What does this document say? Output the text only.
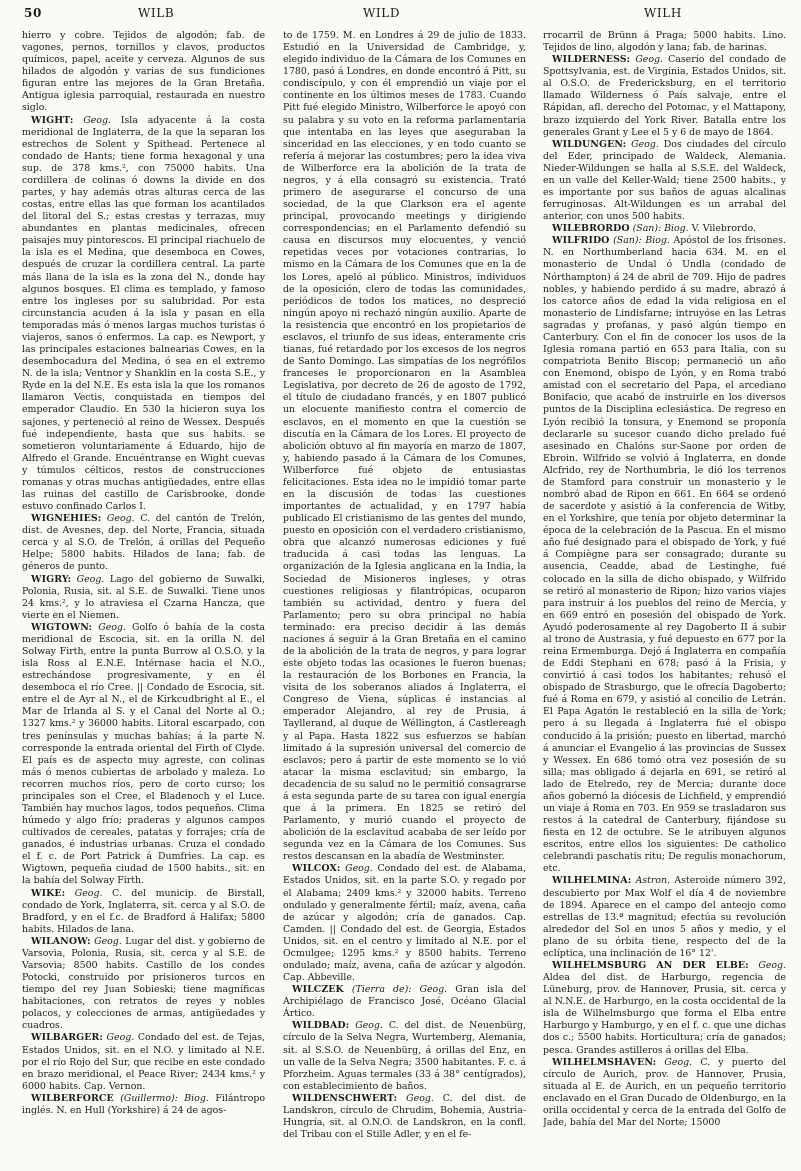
50	WILB	WILD	WILH

hierro y cobre. Tejidos de algodón; fab. de vagones, pernos, tornillos y clavos, productos químicos, papel, aceite y cerveza. Algunos de sus hilados de algodón y varias de sus fundiciones figuran entre las mejores de la Gran Bretaña. Antigua iglesia parroquial, restaurada en nuestro siglo.

WIGHT: Geog. Isla adyacente á la costa meridional de Inglaterra, de la que la separan los estrechos de Solent y Spithead. Pertenece al condado de Hants; tiene forma hexagonal y una sup. de 378 kms.², con 75000 habits. Una cordillera de colinas ó downs la divide en dos partes, y hay además otras alturas cerca de las costas, entre ellas las que forman los acantilados del litoral del S.; estas crestas y terrazas, muy abundantes en plantas medicinales, ofrecen paisajes muy pintorescos. El principal riachuelo de la isla es el Medina, que desemboca en Cowes, después de cruzar la cordillera central. La parte más llana de la isla es la zona del N., donde hay algunos bosques. El clima es templado, y famoso entre los ingleses por su salubridad. Por esta circunstancia acuden á la isla y pasan en ella temporadas más ó menos largas muchos turistas ó viajeros, sanos ó enfermos. La cap. es Newport, y las principales estaciones balnearias Cowes, en la desembocadura del Medina, ó sea en el extremo N. de la isla; Ventnor y Shanklin en la costa S.E., y Ryde en la del N.E. Es esta isla la que los romanos llamaron Vectis, conquistada en tiempos del emperador Claudio. En 530 la hicieron suya los sajones, y perteneció al reino de Wessex. Después fué independiente, hasta que sus habits. se sometieron voluntariamente á Eduardo, hijo de Alfredo el Grande. Encuéntranse en Wight cuevas y túmulos célticos, restos de construcciones romanas y otras muchas antigüedades, entre ellas las ruinas del castillo de Carisbrooke, donde estuvo confinado Carlos I.

WIGNEHIES: Geog. C. del cantón de Trelón, dist. de Avesnes, dep. del Norte, Francia, situada cerca y al S.O. de Trelón, á orillas del Pequeño Helpe; 5800 habits. Hilados de lana; fab. de géneros de punto.

WIGRY: Geog. Lago del gobierno de Suwalki, Polonia, Rusia, sit. al S.E. de Suwalki. Tiene unos 24 kms.², y lo atraviesa el Czarna Hancza, que vierte en el Niemen.

WIGTOWN: Geog. Golfo ó bahía de la costa meridional de Escocia, sit. en la orilla N. del Solway Firth, entre la punta Burrow al O.S.O. y la isla Ross al E.N.E. Intérnase hacia el N.O., estrechándose progresivamente, y en él desemboca el río Cree. || Condado de Escocia, sit. entre el de Ayr al N., el de Kirkcudbright al E., el Mar de Irlanda al S. y el Canal del Norte al O.; 1327 kms.² y 36000 habits. Litoral escarpado, con tres penínsulas y muchas bahías; á la parte N. corresponde la entrada oriental del Firth of Clyde. El país es de aspecto muy agreste, con colinas más ó menos cubiertas de arbolado y maleza. Lo recorren muchos ríos, pero de corto curso; los principales son el Cree, el Bladenoch y el Luce. También hay muchos lagos, todos pequeños. Clima húmedo y algo frío; praderas y algunos campos cultivados de cereales, patatas y forrajes; cría de ganados, é industrias urbanas. Cruza el condado el f. c. de Port Patrick á Dumfries. La cap. es Wigtown, pequeña ciudad de 1500 habits., sit. en la bahía del Solway Firth.

WIKE: Geog. C. del municip. de Birstall, condado de York, Inglaterra, sit. cerca y al S.O. de Bradford, y en el f.c. de Bradford á Halifax; 5800 habits. Hilados de lana.

WILANOW: Geog. Lugar del dist. y gobierno de Varsovia, Polonia, Rusia, sit. cerca y al S.E. de Varsovia; 8500 habits. Castillo de los condes Potocki, construido por prisioneros turcos en tiempo del rey Juan Sobieski; tiene magníficas habitaciones, con retratos de reyes y nobles polacos, y colecciones de armas, antigüedades y cuadros.

WILBARGER: Geog. Condado del est. de Tejas, Estados Unidos, sit. en el N.O. y limitado al N.E. por el río Rojo del Sur, que recibe en este condado en brazo meridional, el Peace River; 2434 kms.² y 6000 habits. Cap. Vernon.

WILBERFORCE (Guillermo): Biog. Filántropo inglés. N. en Hull (Yorkshire) á 24 de agos-

to de 1759. M. en Londres á 29 de julio de 1833. Estudió en la Universidad de Cambridge, y, elegido individuo de la Cámara de los Comunes en 1780, pasó á Londres, en donde encontró á Pitt, su condiscípulo, y con él emprendió un viaje por el continente en los últimos meses de 1783. Cuando Pitt fué elegido Ministro, Wilberforce le apoyó con su palabra y su voto en la reforma parlamentaria que intentaba en las leyes que aseguraban la sinceridad en las elecciones, y en todo cuanto se refería á mejorar las costumbres; pero la idea viva de Wilberforce era la abolición de la trata de negros, y á ella consagró su existencia. Trató primero de asegurarse el concurso de una sociedad, de la que Clarkson era el agente principal, provocando meetings y dirigiendo correspondencias; en el Parlamento defendió su causa en discursos muy elocuentes, y venció repetidas veces por votaciones contrarias, lo mismo en la Cámara de los Comunes que en la de los Lores, apeló al público. Ministros, individuos de la oposición, clero de todas las comunidades, periódicos de todos los matices, no despreció ningún apoyo ni rechazó ningún auxilio. Aparte de la resistencia que encontró en los propietarios de esclavos, el triunfo de sus ideas, enteramente cris tianas, fué retardado por los excesos de los negros de Santo Domingo. Las simpatías de los negrófilos franceses le proporcionaron en la Asamblea Legislativa, por decreto de 26 de agosto de 1792, el título de ciudadano francés, y en 1807 publicó un elocuente manifiesto contra el comercio de esclavos, en el momento en que la cuestión se discutía en la Cámara de los Lores. El proyecto de abolición obtuvo al fin mayoría en marzo de 1807, y, habiendo pasado á la Cámara de los Comunes, Wilberforce fué objeto de entusiastas felicitaciones. Esta idea no le impidió tomar parte en la discusión de todas las cuestiones importantes de actualidad, y en 1797 había publicado El cristianismo de las gentes del mundo, puesto en oposición con el verdadero cristianismo, obra que alcanzó numerosas ediciones y fué traducida á casi todas las lenguas. La organización de la Iglesia anglicana en la India, la Sociedad de Misioneros ingleses, y otras cuestiones religiosas y filantrópicas, ocuparon también su actividad, dentro y fuera del Parlamento; pero su obra principal no había terminado: era preciso decidir á las demás naciones á seguir á la Gran Bretaña en el camino de la abolición de la trata de negros, y para lograr este objeto todas las ocasiones le fueron buenas; la restauración de los Borbones en Francia, la visita de los soberanos aliados á Inglaterra, el Congreso de Viena, súplicas é instancias al emperador Alejandro, al rey de Prusia, á Tayllerand, al duque de Wéllington, á Castlereagh y al Papa. Hasta 1822 sus esfuerzos se habían limitado á la supresión universal del comercio de esclavos; pero á partir de este momento se lo vió atacar la misma esclavitud; sin embargo, la decadencia de su salud no le permitió consagrarse á esta segunda parte de su tarea con igual energía que á la primera. En 1825 se retiró del Parlamento, y murió cuando el proyecto de abolición de la esclavitud acababa de ser leído por segunda vez en la Cámara de los Comunes. Sus restos descansan en la abadía de Westminster.

WILCOX: Geog. Condado del est. de Alabama, Estados Unidos, sit. en la parte S.O. y regado por el Alabama; 2409 kms.² y 32000 habits. Terreno ondulado y generalmente fértil; maíz, avena, caña de azúcar y algodón; cría de ganados. Cap. Camden. || Condado del est. de Georgia, Estados Unidos, sit. en el centro y limitado al N.E. por el Ocmulgee; 1295 kms.² y 8500 habits. Terreno ondulado; maíz, avena, caña de azúcar y algodón. Cap. Abbeville.

WILCZEK (Tierra de): Geog. Gran isla del Archipiélago de Francisco José, Océano Glacial Ártico.

WILDBAD: Geog. C. del dist. de Neuenbürg, círculo de la Selva Negra, Wurtemberg, Alemania, sit. al S.S.O. de Neuenbürg, á orillas del Enz, en un valle de la Selva Negra; 3500 habitantes. F. c. á Pforzheim. Aguas termales (33 á 38° centígrados), con establecimiento de baños.

WILDENSCHWERT: Geog. C. del dist. de Landskron, círculo de Chrudim, Bohemia, Austria-Hungría, sit. al O.N.O. de Landskron, en la confl. del Tribau con el Stille Adler, y en el fe-

rrocarril de Brünn á Praga; 5000 habits. Lino. Tejidos de lino, algodón y lana; fab. de harinas.

WILDERNESS: Geog. Caserío del condado de Spottsylvania, est. de Virginia, Estados Unidos, sit. al O.S.O. de Fredericksburg, en el territorio llamado Wilderness ó País salvaje, entre el Rápidan, afl. derecho del Potomac, y el Mattapony, brazo izquierdo del York River. Batalla entre los generales Grant y Lee el 5 y 6 de mayo de 1864.

WILDUNGEN: Geog. Dos ciudades del círculo del Eder, principado de Waldeck, Alemania. Nieder-Wildungen se halla al S.S.E. del Waldeck, en un valle del Keller-Wald; tiene 2500 habits., y es importante por sus baños de aguas alcalinas ferruginosas. Alt-Wildungen es un arrabal del anterior, con unos 500 habits.

WILEBRORDO (San): Biog. V. Vilebrordo.

WILFRIDO (San): Biog. Apóstol de los frisones. N. en Northumberland hacia 634. M. en el monasterio de Undal ó Undla (condado de Nórthampton) á 24 de abril de 709. Hijo de padres nobles, y habiendo perdido á su madre, abrazó á los catorce años de edad la vida religiosa en el monasterio de Lindisfarne; intruyóse en las Letras sagradas y profanas, y pasó algún tiempo en Canterbury. Con el fin de conocer los usos de la Iglesia romana partió en 653 para Italia, con su compatriota Benito Biscop; permaneció un año con Enemond, obispo de Lyón, y en Roma trabó amistad con el secretario del Papa, el arcediano Bonifacio, que acabó de instruirle en los diversos puntos de la Disciplina eclesiástica. De regreso en Lyón recibió la tonsura, y Enemond se proponía declararle su sucesor cuando dicho prelado fué asesinado en Chalóns sur-Saone por orden de Ebroin. Wilfrido se volvió á Inglaterra, en donde Alcfrido, rey de Northumbria, le dió los terrenos de Stamford para construir un monasterio y le nombró abad de Ripon en 661. En 664 se ordenó de sacerdote y asistió á la conferencia de Witby, en el Yorkshire, que tenía por objeto determinar la época de la celebración de la Pascua. En el mismo año fué designado para el obispado de York, y fué á Compiègne para ser consagrado; durante su ausencia, Ceadde, abad de Lestinghe, fué colocado en la silla de dicho obispado, y Wilfrido se retiró al monasterio de Ripon; hizo varios viajes para instruir á los pueblos del reino de Mercia, y en 669 entró en posesión del obispado de York. Ayudó poderosamente al rey Dagoberto II á subir al trono de Austrasia, y fué depuesto en 677 por la reina Ermemburga. Dejó á Inglaterra en compañía de Eddi Stephani en 678; pasó á la Frisia, y convirtió á casi todos los habitantes; rehusó el obispado de Strasburgo, que le ofrecía Dagoberto; fué á Roma en 679, y asistió al concilio de Letrán. El Papa Agatón le restableció en la silla de York; pero á su llegada á Inglaterra fué el obispo conducido á la prisión; puesto en libertad, marchó á anunciar el Evangelio á las provincias de Sussex y Wessex. En 686 tomó otra vez posesión de su silla; mas obligado á dejarla en 691, se retiró al lado de Etelredo, rey de Mercia; durante doce años gobernó la diócesis de Lichfield, y emprendió un viaje á Roma en 703. En 959 se trasladaron sus restos á la catedral de Canterbury, fijándose su fiesta en 12 de octubre. Se le atribuyen algunos escritos, entre ellos los siguientes: De catholico celebrandi paschatis ritu; De regulis monachorum, etc.

WILHELMINA: Astron. Asteroide número 392, descubierto por Max Wolf el día 4 de noviembre de 1894. Aparece en el campo del anteojo como estrellas de 13.ª magnitud; efectúa su revolución alrededor del Sol en unos 5 años y medio, y el plano de su órbita tiene, respecto del de la eclíptica, una inclinación de 16° 12'.

WILHELMSBURG AN DER ELBE: Geog. Aldea del dist. de Harburgo, regencia de Lüneburg, prov. de Hannover, Prusia, sit. cerca y al N.N.E. de Harburgo, en la costa occidental de la isla de Wilhelmsburgo que forma el Elba entre Harburgo y Hamburgo, y en el f. c. que une dichas dos c.; 5500 habits. Horticultura; cría de ganados; pesca. Grandes astilleros á orillas del Elba.

WILHELMSHAVEN: Geog. C. y puerto del círculo de Aurich, prov. de Hannover, Prusia, situada al E. de Aurich, en un pequeño territorio enclavado en el Gran Ducado de Oldenburgo, en la orilla occidental y cerca de la entrada del Golfo de Jade, bahía del Mar del Norte; 15000
